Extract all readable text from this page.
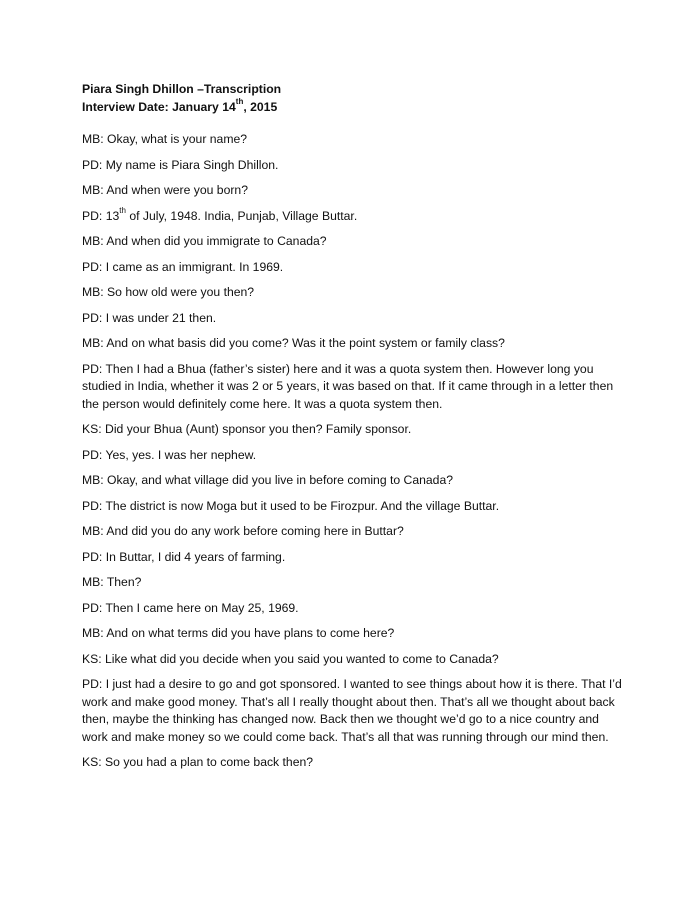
Piara Singh Dhillon –Transcription
Interview Date: January 14th, 2015

MB: Okay, what is your name?

PD: My name is Piara Singh Dhillon.

MB: And when were you born?

PD: 13th of July, 1948. India, Punjab, Village Buttar.

MB: And when did you immigrate to Canada?

PD: I came as an immigrant. In 1969.

MB: So how old were you then?

PD: I was under 21 then.

MB: And on what basis did you come? Was it the point system or family class?

PD: Then I had a Bhua (father’s sister) here and it was a quota system then. However long you studied in India, whether it was 2 or 5 years, it was based on that. If it came through in a letter then the person would definitely come here. It was a quota system then.

KS: Did your Bhua (Aunt) sponsor you then? Family sponsor.

PD: Yes, yes. I was her nephew.

MB: Okay, and what village did you live in before coming to Canada?

PD: The district is now Moga but it used to be Firozpur. And the village Buttar.

MB: And did you do any work before coming here in Buttar?

PD: In Buttar, I did 4 years of farming.

MB: Then?

PD: Then I came here on May 25, 1969.

MB: And on what terms did you have plans to come here?

KS: Like what did you decide when you said you wanted to come to Canada?

PD: I just had a desire to go and got sponsored. I wanted to see things about how it is there. That I’d work and make good money. That’s all I really thought about then. That’s all we thought about back then, maybe the thinking has changed now. Back then we thought we’d go to a nice country and work and make money so we could come back. That’s all that was running through our mind then.

KS: So you had a plan to come back then?
